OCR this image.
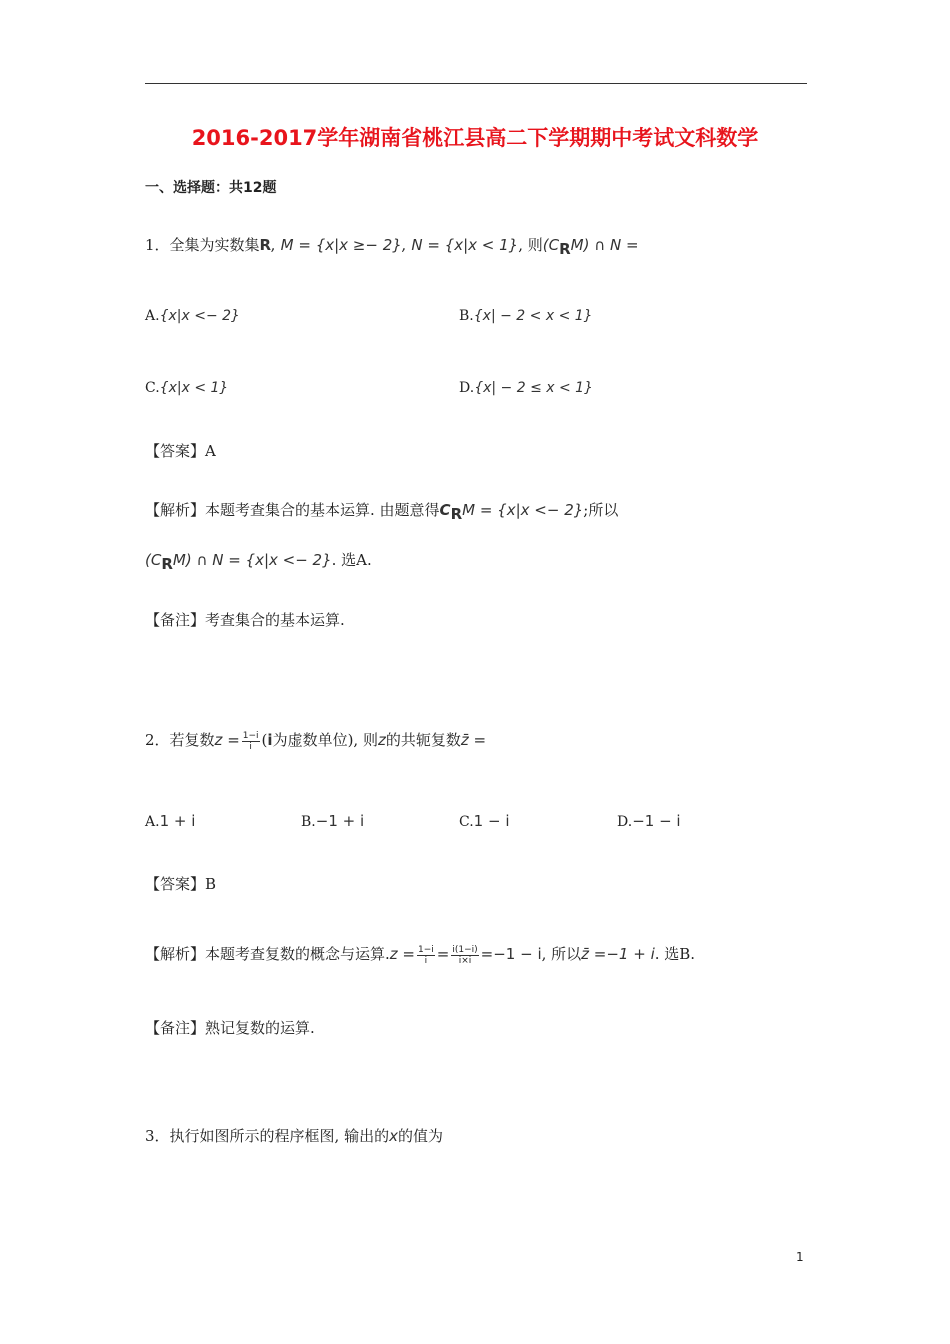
2016-2017学年湖南省桃江县高二下学期期中考试文科数学
一、选择题：共12题
1．全集为实数集R, M = {x|x ≥− 2}, N = {x|x < 1}, 则$(C_RM)$ ∩ N =
A.{x|x <− 2}	B.{x| − 2 < x < 1}
C.{x|x < 1}	D.{x| − 2 ≤ x < 1}
【答案】A
【解析】本题考查集合的基本运算. 由题意得$C_RM = \{x|x <- 2\}$;所以
$(C_RM)$ ∩ N = {x|x <− 2}. 选A.
【备注】考查集合的基本运算.
2．若复数$z = \frac{1-i}{i} (i$为虚数单位), 则z的共轭复数z̄ =
A.1 + i	B.−1 + i	C.1 − i	D.−1 − i
【答案】B
【解析】本题考查复数的概念与运算$.z = \frac{1-i}{i} = \frac{i(1-i)}{i\times i} =-1 - i$, 所以z̄ =−1 + i. 选B.
【备注】熟记复数的运算.
3．执行如图所示的程序框图, 输出的x的值为
1
